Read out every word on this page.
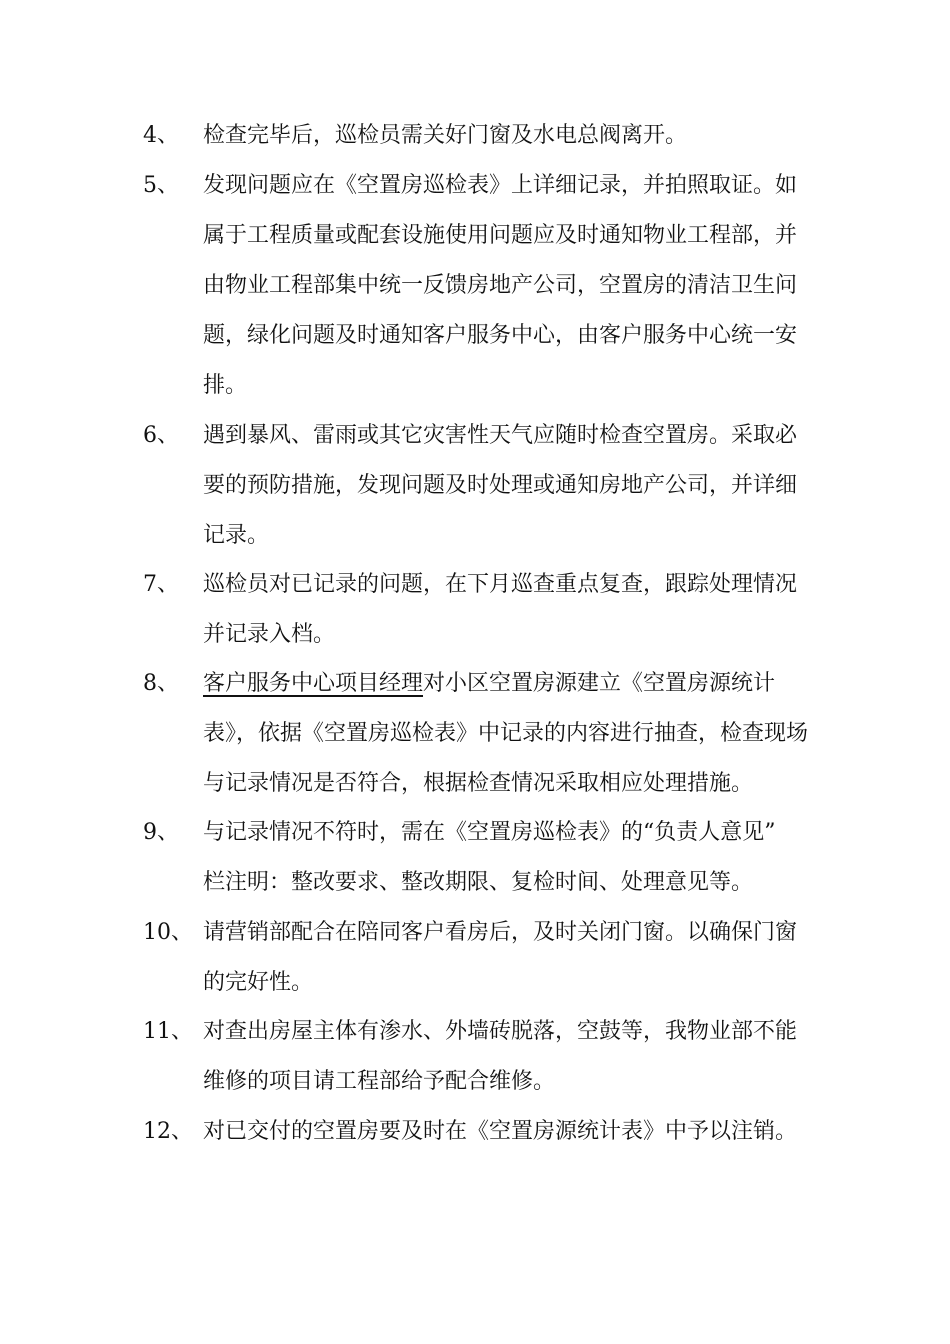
4、 检查完毕后，巡检员需关好门窗及水电总阀离开。
5、 发现问题应在《空置房巡检表》上详细记录，并拍照取证。如
属于工程质量或配套设施使用问题应及时通知物业工程部，并
由物业工程部集中统一反馈房地产公司，空置房的清洁卫生问
题，绿化问题及时通知客户服务中心，由客户服务中心统一安
排。
6、 遇到暴风、雷雨或其它灾害性天气应随时检查空置房。采取必
要的预防措施，发现问题及时处理或通知房地产公司，并详细
记录。
7、 巡检员对已记录的问题，在下月巡查重点复查，跟踪处理情况
并记录入档。
8、 客户服务中心项目经理对小区空置房源建立《空置房源统计
表》，依据《空置房巡检表》中记录的内容进行抽查，检查现场
与记录情况是否符合，根据检查情况采取相应处理措施。
9、 与记录情况不符时，需在《空置房巡检表》的“负责人意见”
栏注明：整改要求、整改期限、复检时间、处理意见等。
10、 请营销部配合在陪同客户看房后，及时关闭门窗。以确保门窗
的完好性。
11、 对查出房屋主体有渗水、外墙砖脱落，空鼓等，我物业部不能
维修的项目请工程部给予配合维修。
12、 对已交付的空置房要及时在《空置房源统计表》中予以注销。
